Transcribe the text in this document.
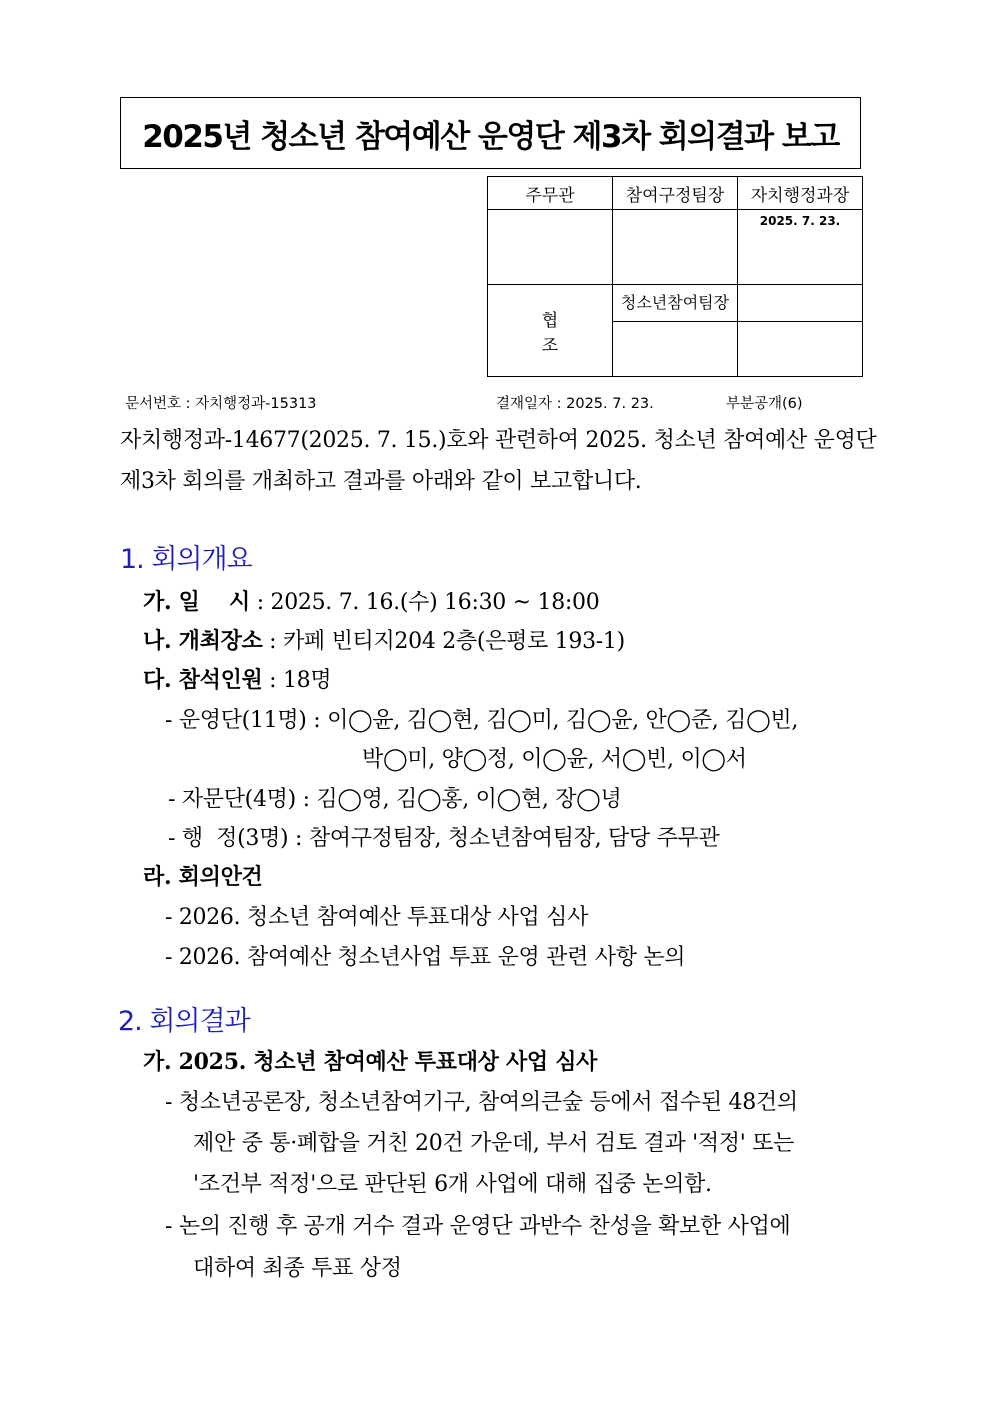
2025년 청소년 참여예산 운영단 제3차 회의결과 보고
주무관	참여구정팀장	자치행정과장
		2025. 7. 23.
협 조	청소년참여팀장	

문서번호 : 자치행정과-15313	결재일자 : 2025. 7. 23.	부분공개(6)
자치행정과-14677(2025. 7. 15.)호와 관련하여 2025. 청소년 참여예산 운영단
제3차 회의를 개최하고 결과를 아래와 같이 보고합니다.
1. 회의개요
가. 일    시 : 2025. 7. 16.(수) 16:30 ~ 18:00
나. 개최장소 : 카페 빈티지204 2층(은평로 193-1)
다. 참석인원 : 18명
- 운영단(11명) : 이◯윤, 김◯현, 김◯미, 김◯윤, 안◯준, 김◯빈,
박◯미, 양◯정, 이◯윤, 서◯빈, 이◯서
- 자문단(4명) : 김◯영, 김◯홍, 이◯현, 장◯녕
- 행  정(3명) : 참여구정팀장, 청소년참여팀장, 담당 주무관
라. 회의안건
- 2026. 청소년 참여예산 투표대상 사업 심사
- 2026. 참여예산 청소년사업 투표 운영 관련 사항 논의
2. 회의결과
가. 2025. 청소년 참여예산 투표대상 사업 심사
- 청소년공론장, 청소년참여기구, 참여의큰숲 등에서 접수된 48건의
제안 중 통·폐합을 거친 20건 가운데, 부서 검토 결과 '적정' 또는
'조건부 적정'으로 판단된 6개 사업에 대해 집중 논의함.
- 논의 진행 후 공개 거수 결과 운영단 과반수 찬성을 확보한 사업에
대하여 최종 투표 상정
